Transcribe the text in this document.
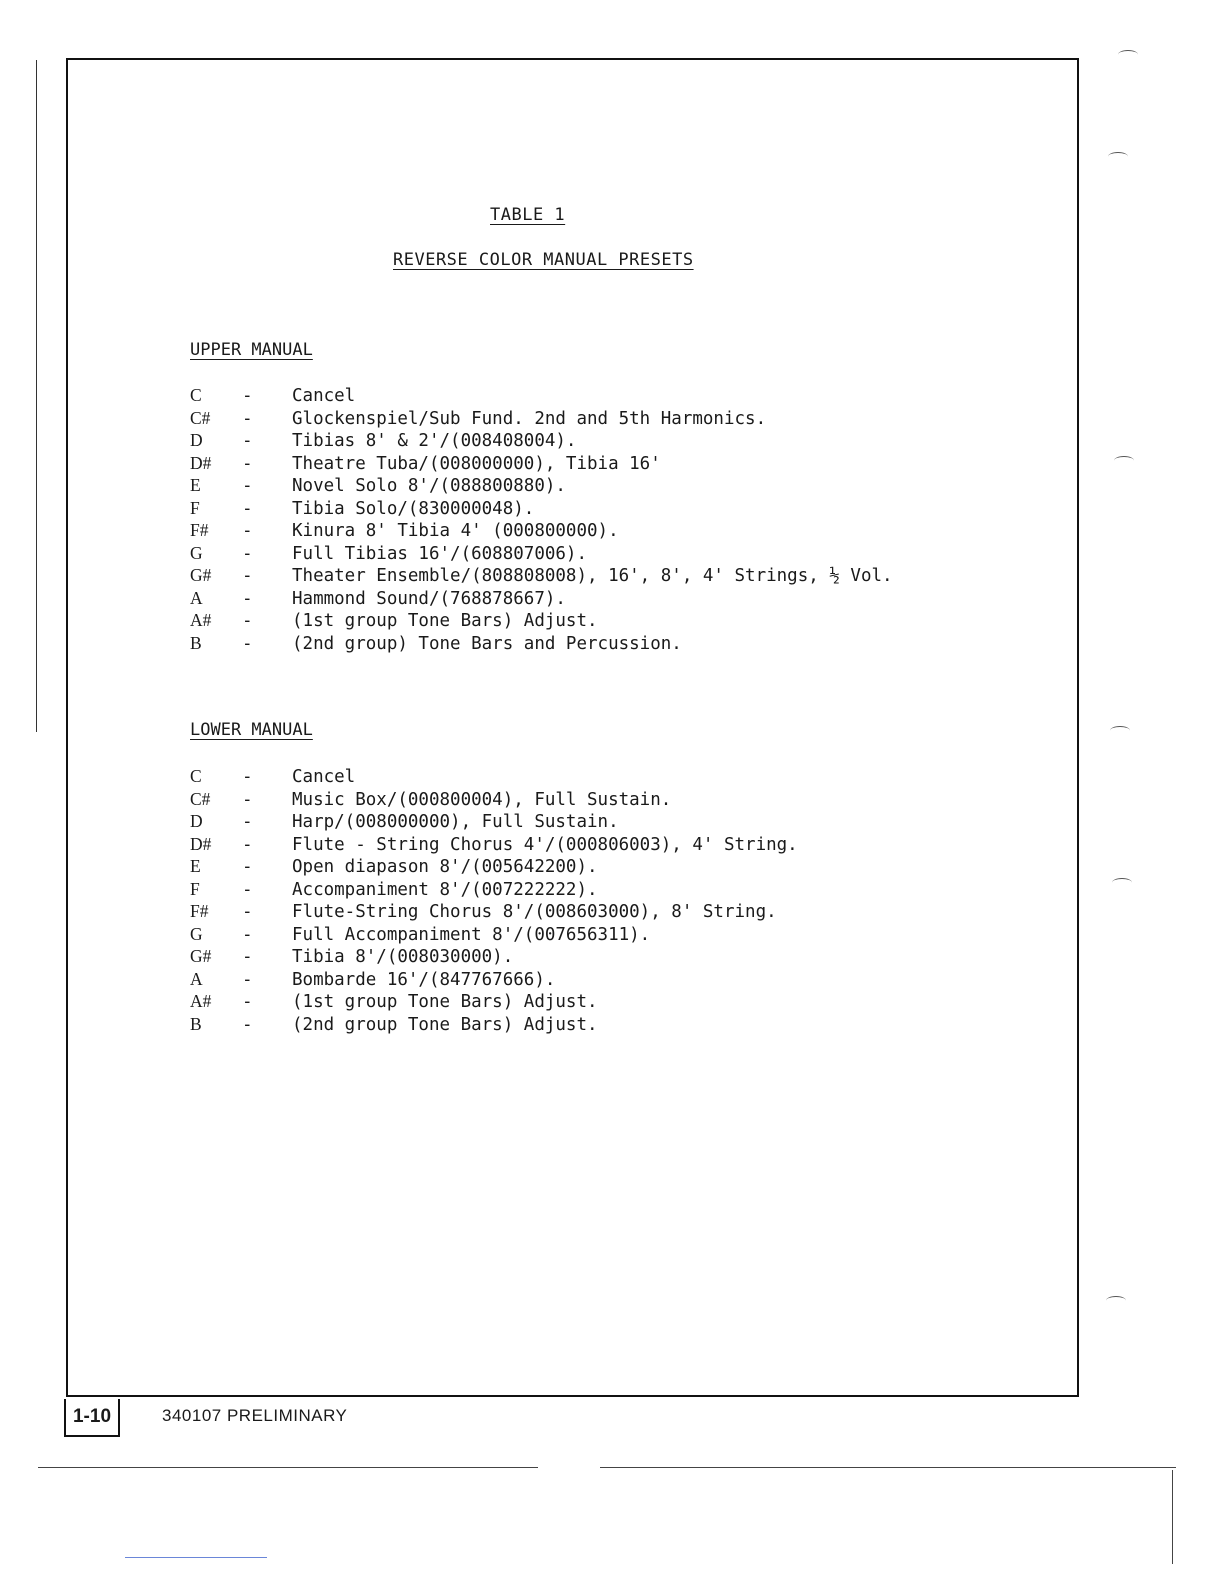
TABLE 1
REVERSE COLOR MANUAL PRESETS
UPPER MANUAL
C - Cancel
C# - Glockenspiel/Sub Fund. 2nd and 5th Harmonics.
D - Tibias 8' & 2'/(008408004).
D# - Theatre Tuba/(008000000), Tibia 16'
E - Novel Solo 8'/(088800880).
F - Tibia Solo/(830000048).
F# - Kinura 8' Tibia 4' (000800000).
G - Full Tibias 16'/(608807006).
G# - Theater Ensemble/(808808008), 16', 8', 4' Strings, ½ Vol.
A - Hammond Sound/(768878667).
A# - (1st group Tone Bars) Adjust.
B - (2nd group) Tone Bars and Percussion.
LOWER MANUAL
C - Cancel
C# - Music Box/(000800004), Full Sustain.
D - Harp/(008000000), Full Sustain.
D# - Flute - String Chorus 4'/(000806003), 4' String.
E - Open diapason 8'/(005642200).
F - Accompaniment 8'/(007222222).
F# - Flute-String Chorus 8'/(008603000), 8' String.
G - Full Accompaniment 8'/(007656311).
G# - Tibia 8'/(008030000).
A - Bombarde 16'/(847767666).
A# - (1st group Tone Bars) Adjust.
B - (2nd group Tone Bars) Adjust.
1-10	340107 PRELIMINARY
